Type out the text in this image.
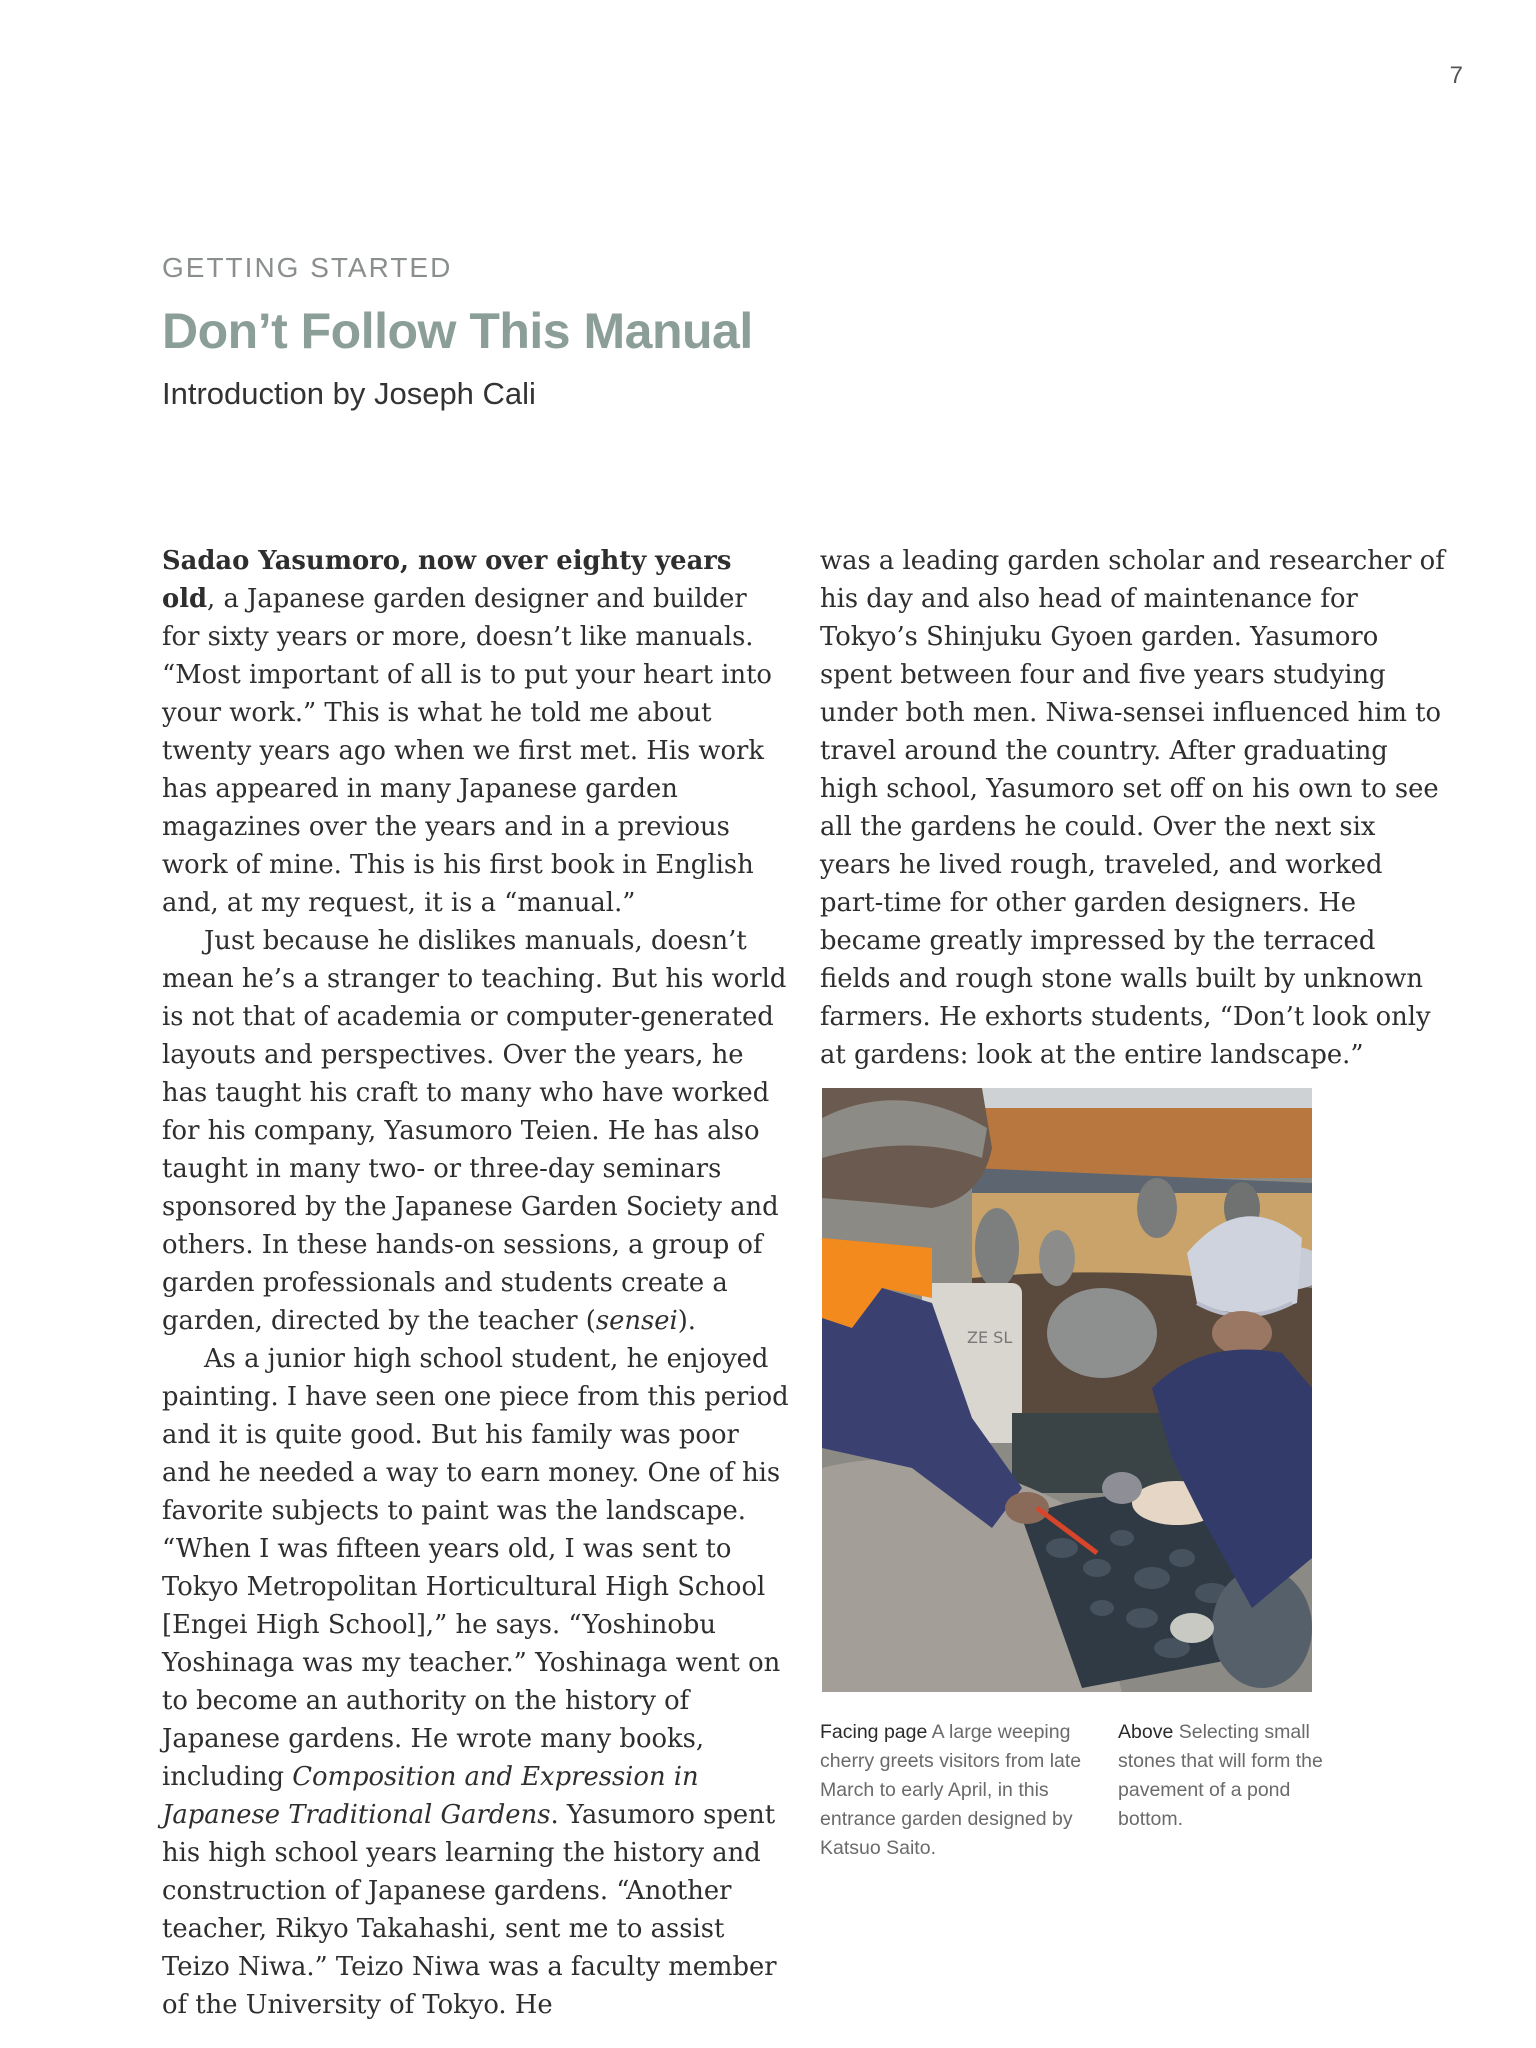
7
GETTING STARTED
Don’t Follow This Manual
Introduction by Joseph Cali

Sadao Yasumoro, now over eighty years old, a Japanese garden designer and builder for sixty years or more, doesn’t like manuals. “Most important of all is to put your heart into your work.” This is what he told me about twenty years ago when we first met. His work has appeared in many Japanese garden magazines over the years and in a previous work of mine. This is his first book in English and, at my request, it is a “manual.”

Just because he dislikes manuals, doesn’t mean he’s a stranger to teaching. But his world is not that of academia or computer-generated layouts and perspectives. Over the years, he has taught his craft to many who have worked for his company, Yasumoro Teien. He has also taught in many two- or three-day seminars sponsored by the Japanese Garden Society and others. In these hands-on sessions, a group of garden professionals and students create a garden, directed by the teacher (sensei).

As a junior high school student, he enjoyed painting. I have seen one piece from this period and it is quite good. But his family was poor and he needed a way to earn money. One of his favorite subjects to paint was the landscape. “When I was fifteen years old, I was sent to Tokyo Metropolitan Horticultural High School [Engei High School],” he says. “Yoshinobu Yoshinaga was my teacher.” Yoshinaga went on to become an authority on the history of Japanese gardens. He wrote many books, including Composition and Expression in Japanese Traditional Gardens. Yasumoro spent his high school years learning the history and construction of Japanese gardens. “Another teacher, Rikyo Takahashi, sent me to assist Teizo Niwa.” Teizo Niwa was a faculty member of the University of Tokyo. He

was a leading garden scholar and researcher of his day and also head of maintenance for Tokyo’s Shinjuku Gyoen garden. Yasumoro spent between four and five years studying under both men. Niwa-sensei influenced him to travel around the country. After graduating high school, Yasumoro set off on his own to see all the gardens he could. Over the next six years he lived rough, traveled, and worked part-time for other garden designers. He became greatly impressed by the terraced fields and rough stone walls built by unknown farmers. He exhorts students, “Don’t look only at gardens: look at the entire landscape.”

ZE SL
Facing page A large weeping cherry greets visitors from late March to early April, in this entrance garden designed by Katsuo Saito.
Above Selecting small stones that will form the pavement of a pond bottom.
